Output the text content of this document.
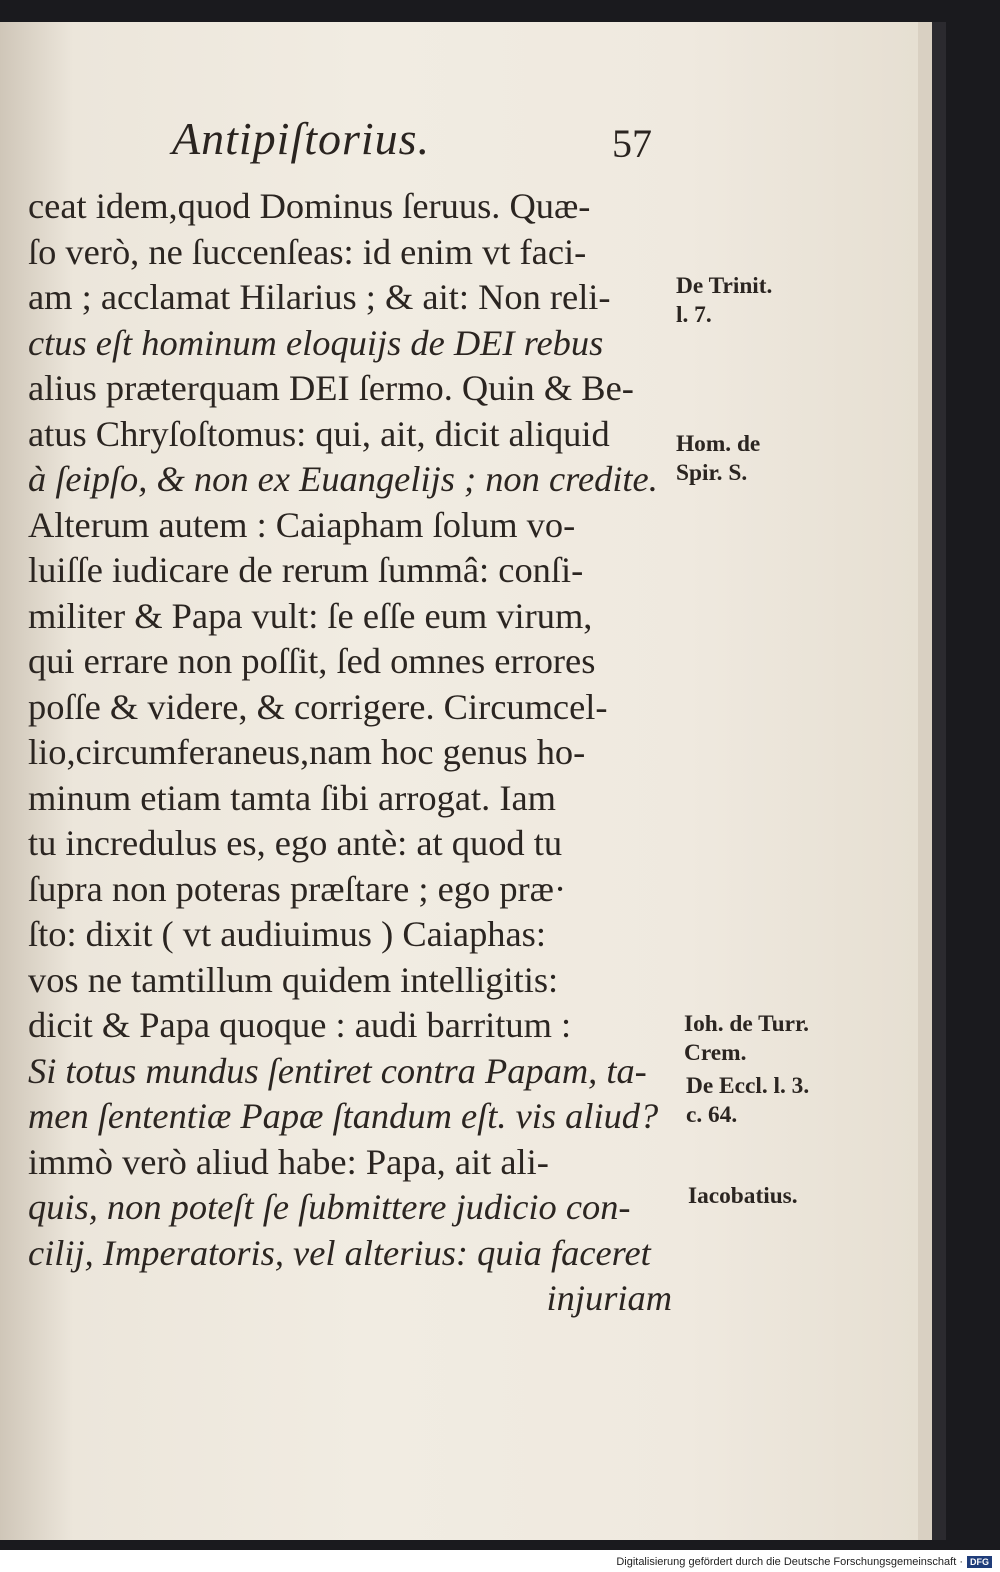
Antipiſtorius.	57
ceat idem,quod Dominus ſeruus. Quæ-
ſo verò, ne ſuccenſeas: id enim vt faci-
am ; acclamat Hilarius ; & ait: Non reli-
ctus eſt hominum eloquijs de DEI rebus
alius præterquam DEI ſermo. Quin & Be-
atus Chryſoſtomus: qui, ait, dicit aliquid
à ſeipſo, & non ex Euangelijs ; non credite.
Alterum autem : Caiapham ſolum vo-
luiſſe iudicare de rerum ſummâ: conſi-
militer & Papa vult: ſe eſſe eum virum,
qui errare non poſſit, ſed omnes errores
poſſe & videre, & corrigere. Circumcel-
lio,circumferaneus,nam hoc genus ho-
minum etiam tamta ſibi arrogat. Iam
tu incredulus es, ego antè: at quod tu
ſupra non poteras præſtare ; ego præ·
ſto: dixit ( vt audiuimus ) Caiaphas:
vos ne tamtillum quidem intelligitis:
dicit & Papa quoque : audi barritum :
Si totus mundus ſentiret contra Papam, ta-
men ſententiæ Papæ ſtandum eſt. vis aliud?
immò verò aliud habe: Papa, ait ali-
quis, non poteſt ſe ſubmittere judicio con-
cilij, Imperatoris, vel alterius: quia faceret
injuriam
De Trinit.
l. 7.
Hom. de
Spir. S.
Ioh. de Turr.
Crem.
De Eccl. l. 3.
c. 64.
Iacobatius.
Digitalisierung gefördert durch die Deutsche Forschungsgemeinschaft · DFG
